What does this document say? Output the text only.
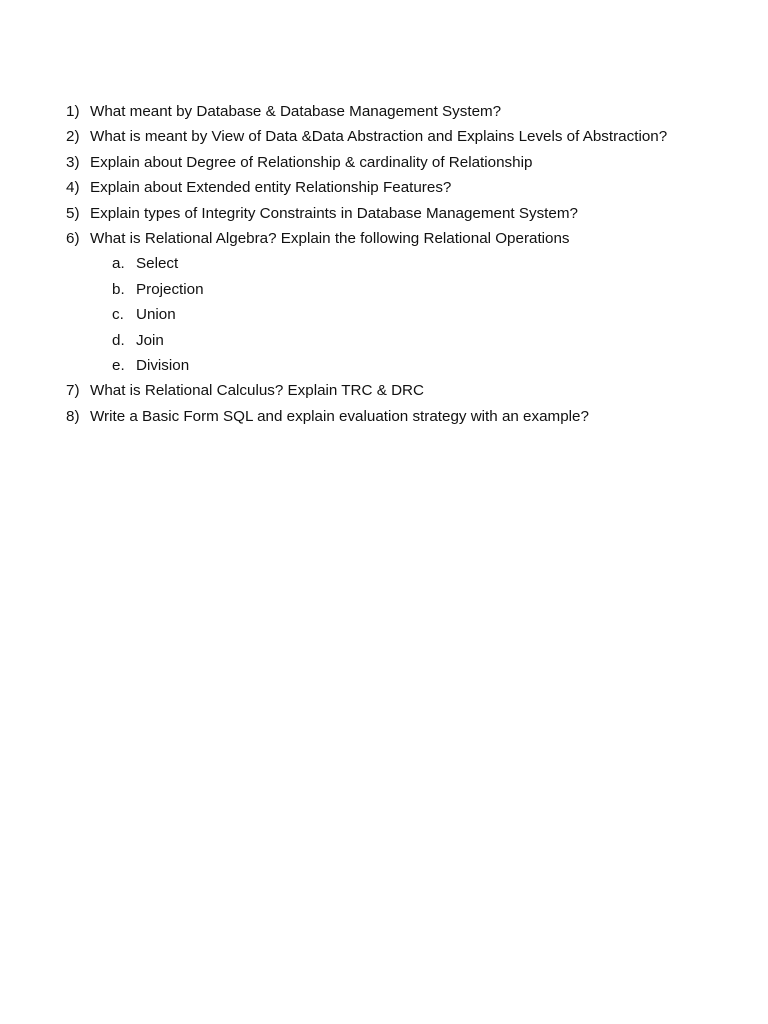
1) What meant by Database & Database Management System?
2) What is meant by View of Data &Data Abstraction and Explains Levels of Abstraction?
3) Explain about Degree of Relationship & cardinality of Relationship
4) Explain about Extended entity Relationship Features?
5) Explain types of Integrity Constraints in Database Management System?
6) What is Relational Algebra? Explain the following Relational Operations
a. Select
b. Projection
c. Union
d. Join
e. Division
7) What is Relational Calculus? Explain TRC & DRC
8) Write a Basic Form SQL and explain evaluation strategy with an example?
